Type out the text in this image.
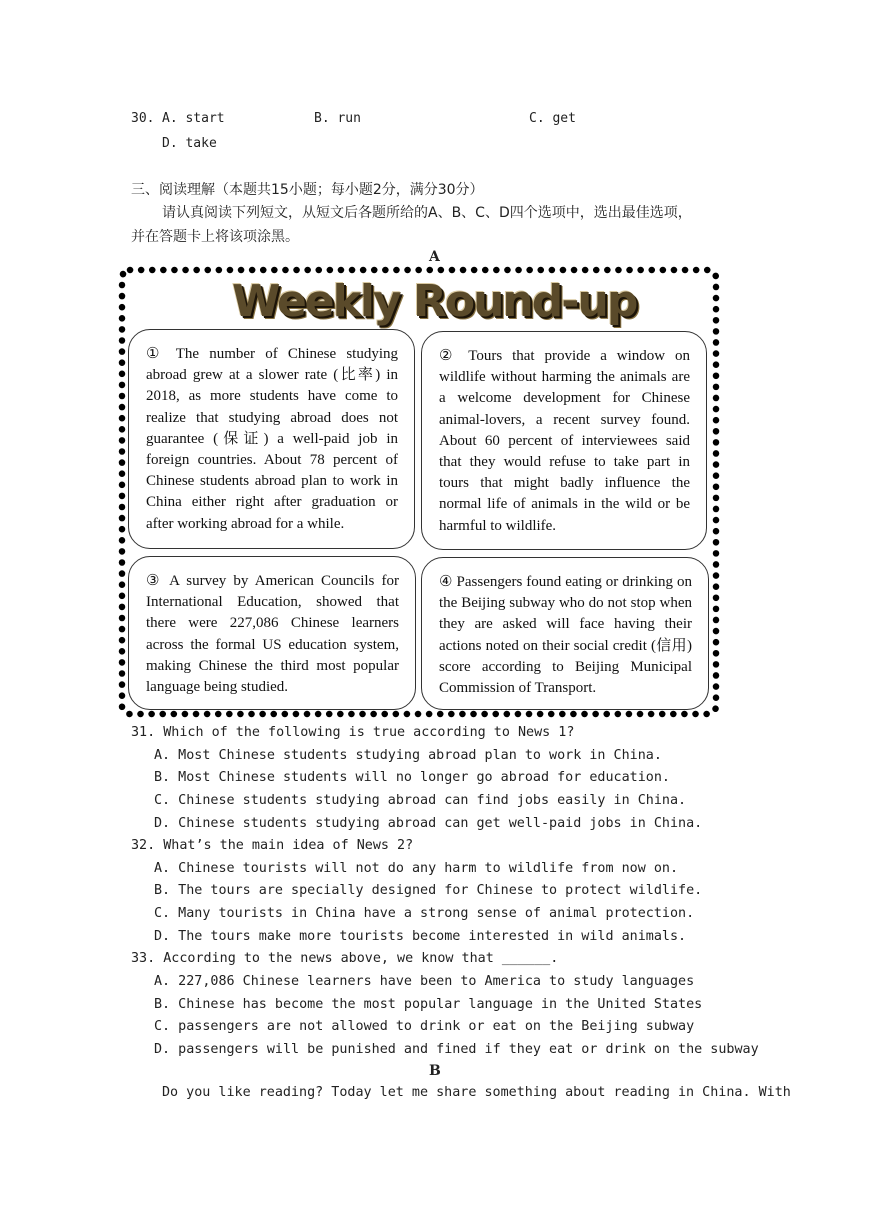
30. A. start	B. run	C. get
D. take
三、阅读理解（本题共15小题；每小题2分，满分30分）
请认真阅读下列短文，从短文后各题所给的A、B、C、D四个选项中，选出最佳选项，
并在答题卡上将该项涂黑。
A
Weekly Round-up
① The number of Chinese studying abroad grew at a slower rate (比率) in 2018, as more students have come to realize that studying abroad does not guarantee (保证) a well-paid job in foreign countries. About 78 percent of Chinese students abroad plan to work in China either right after graduation or after working abroad for a while.
② Tours that provide a window on wildlife without harming the animals are a welcome development for Chinese animal-lovers, a recent survey found. About 60 percent of interviewees said that they would refuse to take part in tours that might badly influence the normal life of animals in the wild or be harmful to wildlife.
③ A survey by American Councils for International Education, showed that there were 227,086 Chinese learners across the formal US education system, making Chinese the third most popular language being studied.
④ Passengers found eating or drinking on the Beijing subway who do not stop when they are asked will face having their actions noted on their social credit (信用) score according to Beijing Municipal Commission of Transport.
31. Which of the following is true according to News 1?
A. Most Chinese students studying abroad plan to work in China.
B. Most Chinese students will no longer go abroad for education.
C. Chinese students studying abroad can find jobs easily in China.
D. Chinese students studying abroad can get well-paid jobs in China.
32. What’s the main idea of News 2?
A. Chinese tourists will not do any harm to wildlife from now on.
B. The tours are specially designed for Chinese to protect wildlife.
C. Many tourists in China have a strong sense of animal protection.
D. The tours make more tourists become interested in wild animals.
33. According to the news above, we know that ______.
A. 227,086 Chinese learners have been to America to study languages
B. Chinese has become the most popular language in the United States
C. passengers are not allowed to drink or eat on the Beijing subway
D. passengers will be punished and fined if they eat or drink on the subway
B
Do you like reading? Today let me share something about reading in China. With
